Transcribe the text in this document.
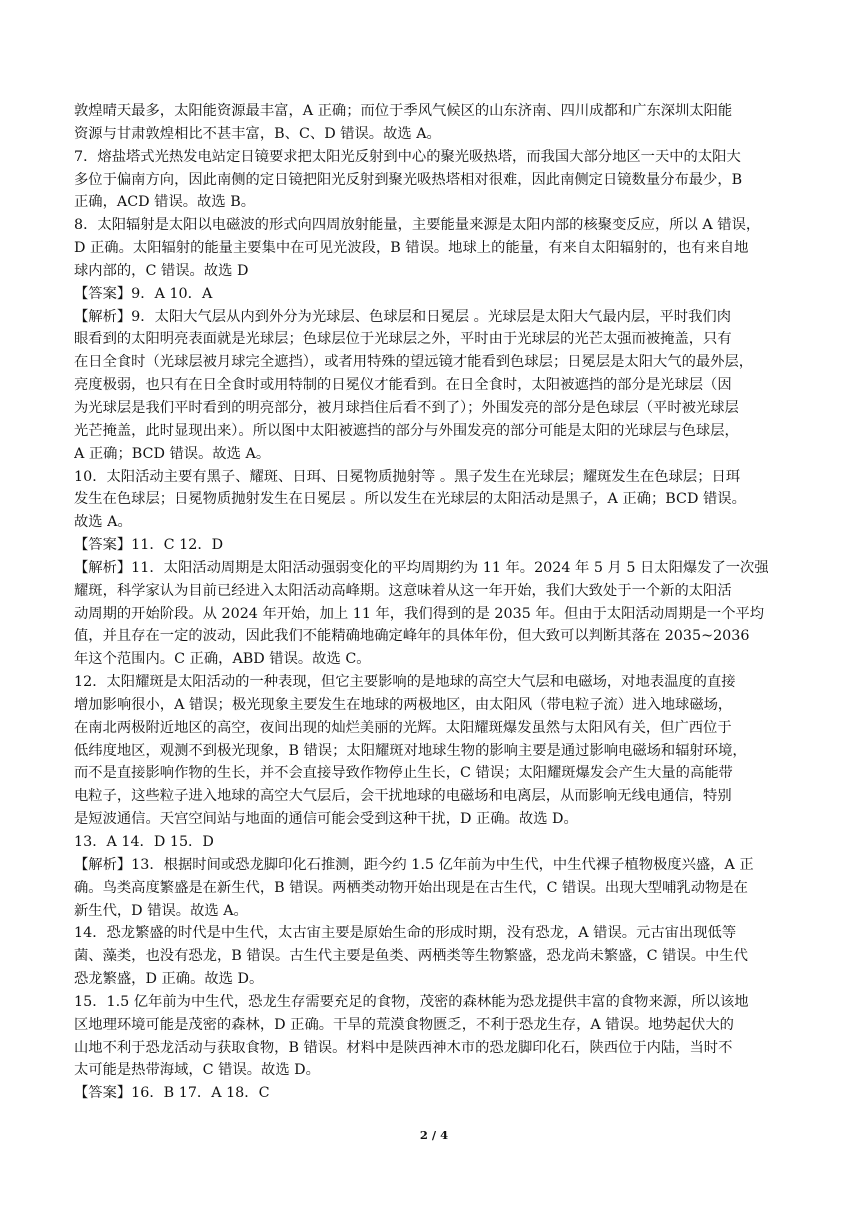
敦煌晴天最多，太阳能资源最丰富，A 正确；而位于季风气候区的山东济南、四川成都和广东深圳太阳能
资源与甘肃敦煌相比不甚丰富，B、C、D 错误。故选 A。
7．熔盐塔式光热发电站定日镜要求把太阳光反射到中心的聚光吸热塔，而我国大部分地区一天中的太阳大
多位于偏南方向，因此南侧的定日镜把阳光反射到聚光吸热塔相对很难，因此南侧定日镜数量分布最少，B
正确，ACD 错误。故选 B。
8．太阳辐射是太阳以电磁波的形式向四周放射能量，主要能量来源是太阳内部的核聚变反应，所以 A 错误，
D 正确。太阳辐射的能量主要集中在可见光波段，B 错误。地球上的能量，有来自太阳辐射的，也有来自地
球内部的，C 错误。故选 D
【答案】9．A 10．A
【解析】9．太阳大气层从内到外分为光球层、色球层和日冕层 。光球层是太阳大气最内层，平时我们肉
眼看到的太阳明亮表面就是光球层；色球层位于光球层之外，平时由于光球层的光芒太强而被掩盖，只有
在日全食时（光球层被月球完全遮挡），或者用特殊的望远镜才能看到色球层；日冕层是太阳大气的最外层，
亮度极弱，也只有在日全食时或用特制的日冕仪才能看到。在日全食时，太阳被遮挡的部分是光球层（因
为光球层是我们平时看到的明亮部分，被月球挡住后看不到了）；外围发亮的部分是色球层（平时被光球层
光芒掩盖，此时显现出来）。所以图中太阳被遮挡的部分与外围发亮的部分可能是太阳的光球层与色球层，
A 正确；BCD 错误。故选 A。
10．太阳活动主要有黑子、耀斑、日珥、日冕物质抛射等 。黑子发生在光球层；耀斑发生在色球层；日珥
发生在色球层；日冕物质抛射发生在日冕层 。所以发生在光球层的太阳活动是黑子，A 正确；BCD 错误。
故选 A。
【答案】11．C 12．D
【解析】11．太阳活动周期是太阳活动强弱变化的平均周期约为 11 年。2024 年 5 月 5 日太阳爆发了一次强
耀斑，科学家认为目前已经进入太阳活动高峰期。这意味着从这一年开始，我们大致处于一个新的太阳活
动周期的开始阶段。从 2024 年开始，加上 11 年，我们得到的是 2035 年。但由于太阳活动周期是一个平均
值，并且存在一定的波动，因此我们不能精确地确定峰年的具体年份，但大致可以判断其落在 2035~2036
年这个范围内。C 正确，ABD 错误。故选 C。
12．太阳耀斑是太阳活动的一种表现，但它主要影响的是地球的高空大气层和电磁场，对地表温度的直接
增加影响很小，A 错误；极光现象主要发生在地球的两极地区，由太阳风（带电粒子流）进入地球磁场，
在南北两极附近地区的高空，夜间出现的灿烂美丽的光辉。太阳耀斑爆发虽然与太阳风有关，但广西位于
低纬度地区，观测不到极光现象，B 错误；太阳耀斑对地球生物的影响主要是通过影响电磁场和辐射环境，
而不是直接影响作物的生长，并不会直接导致作物停止生长，C 错误；太阳耀斑爆发会产生大量的高能带
电粒子，这些粒子进入地球的高空大气层后，会干扰地球的电磁场和电离层，从而影响无线电通信，特别
是短波通信。天宫空间站与地面的通信可能会受到这种干扰，D 正确。故选 D。
13．A 14．D 15．D
【解析】13．根据时间或恐龙脚印化石推测，距今约 1.5 亿年前为中生代，中生代裸子植物极度兴盛，A 正
确。鸟类高度繁盛是在新生代，B 错误。两栖类动物开始出现是在古生代，C 错误。出现大型哺乳动物是在
新生代，D 错误。故选 A。
14．恐龙繁盛的时代是中生代，太古宙主要是原始生命的形成时期，没有恐龙，A 错误。元古宙出现低等
菌、藻类，也没有恐龙，B 错误。古生代主要是鱼类、两栖类等生物繁盛，恐龙尚未繁盛，C 错误。中生代
恐龙繁盛，D 正确。故选 D。
15．1.5 亿年前为中生代，恐龙生存需要充足的食物，茂密的森林能为恐龙提供丰富的食物来源，所以该地
区地理环境可能是茂密的森林，D 正确。干旱的荒漠食物匮乏，不利于恐龙生存，A 错误。地势起伏大的
山地不利于恐龙活动与获取食物，B 错误。材料中是陕西神木市的恐龙脚印化石，陕西位于内陆，当时不
太可能是热带海域，C 错误。故选 D。
【答案】16．B 17．A 18．C
2 / 4
